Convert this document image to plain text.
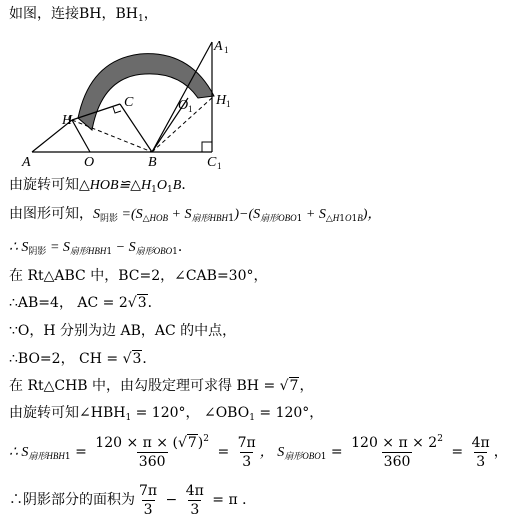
如图，连接BH，$BH_1$，
A	O	B	C 1
H
C	O 1
H 1
A 1
由旋转可知$\triangle HOB≌\triangle H_1O_1B$．
由图形可知，$S_{阴影} =(S_{\triangle HOB} + S_{扇形HBH1})-(S_{扇形OBO1} + S_{\triangle H1O1B})$，
∴ $S_{阴影} = S_{扇形HBH1} - S_{扇形OBO1}$．
在 Rt△ABC 中，BC=2，∠CAB=30°，
∴AB=4， AC = 2√3．
∵O，H 分别为边 AB，AC 的中点，
∴BO=2， CH = √3．
在 Rt△CHB 中，由勾股定理可求得 BH = √7，
由旋转可知$\angle HBH_1 = 120^\circ$， $\angle OBO_1 = 120^\circ$，
∴ $S_{扇形HBH1} = \frac{120 \times \pi \times (√7)^2}{360} = \frac{7\pi}{3}$ ， $S_{扇形OBO1} = \frac{120 \times \pi \times 2^2}{360} = \frac{4\pi}{3}$ ，
∴阴影部分的面积为 $\frac{7\pi}{3} - \frac{4\pi}{3} = \pi$ ．
